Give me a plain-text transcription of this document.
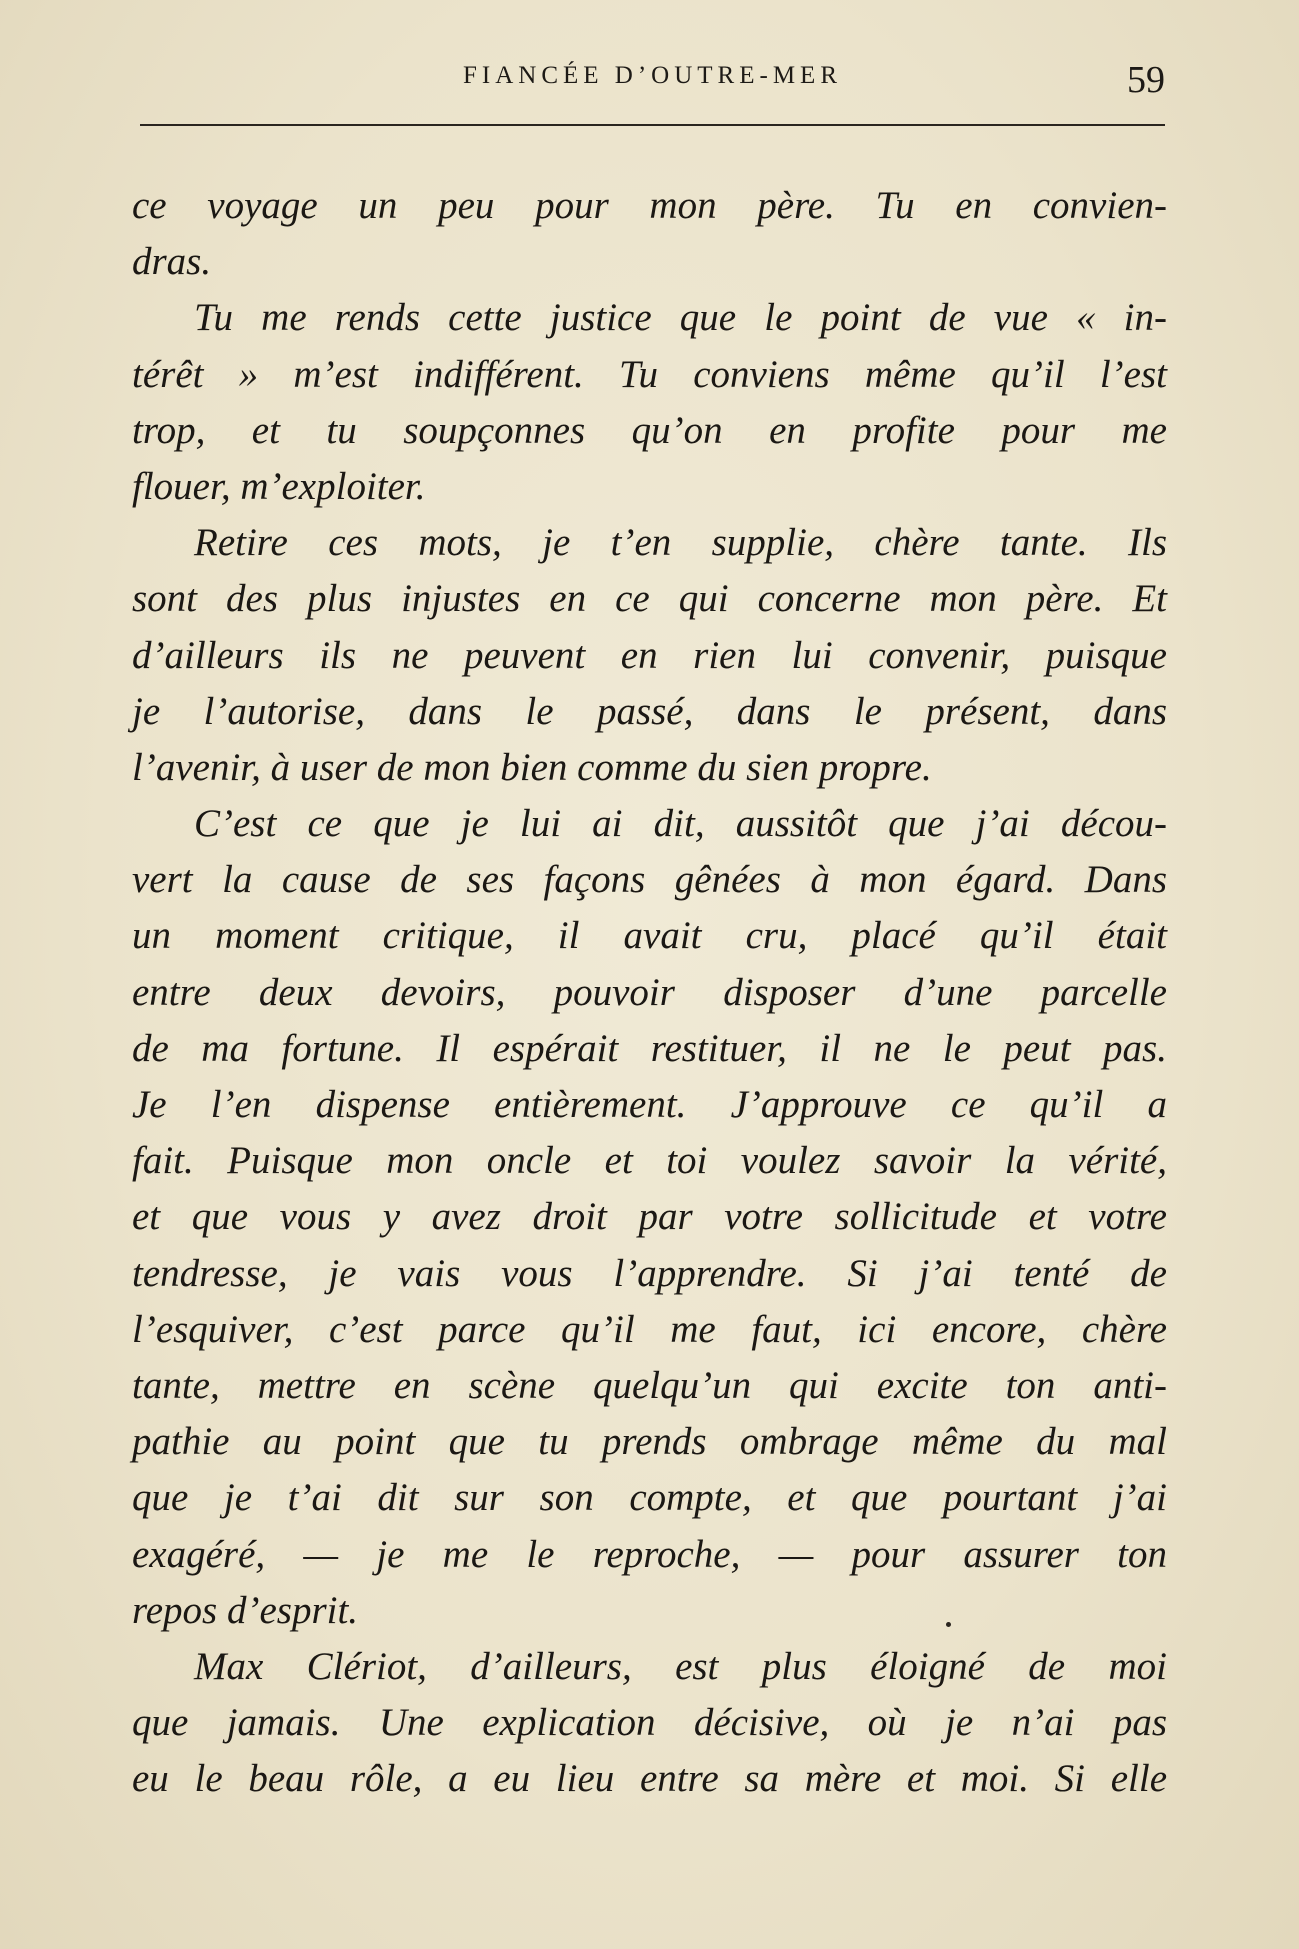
FIANCÉE D’OUTRE-MER	59
ce voyage un peu pour mon père. Tu en convien-
dras.
Tu me rends cette justice que le point de vue « in-
térêt » m’est indifférent. Tu conviens même qu’il l’est
trop, et tu soupçonnes qu’on en profite pour me
flouer, m’exploiter.
Retire ces mots, je t’en supplie, chère tante. Ils
sont des plus injustes en ce qui concerne mon père. Et
d’ailleurs ils ne peuvent en rien lui convenir, puisque
je l’autorise, dans le passé, dans le présent, dans
l’avenir, à user de mon bien comme du sien propre.
C’est ce que je lui ai dit, aussitôt que j’ai décou-
vert la cause de ses façons gênées à mon égard. Dans
un moment critique, il avait cru, placé qu’il était
entre deux devoirs, pouvoir disposer d’une parcelle
de ma fortune. Il espérait restituer, il ne le peut pas.
Je l’en dispense entièrement. J’approuve ce qu’il a
fait. Puisque mon oncle et toi voulez savoir la vérité,
et que vous y avez droit par votre sollicitude et votre
tendresse, je vais vous l’apprendre. Si j’ai tenté de
l’esquiver, c’est parce qu’il me faut, ici encore, chère
tante, mettre en scène quelqu’un qui excite ton anti-
pathie au point que tu prends ombrage même du mal
que je t’ai dit sur son compte, et que pourtant j’ai
exagéré, — je me le reproche, — pour assurer ton
repos d’esprit.
Max Clériot, d’ailleurs, est plus éloigné de moi
que jamais. Une explication décisive, où je n’ai pas
eu le beau rôle, a eu lieu entre sa mère et moi. Si elle
